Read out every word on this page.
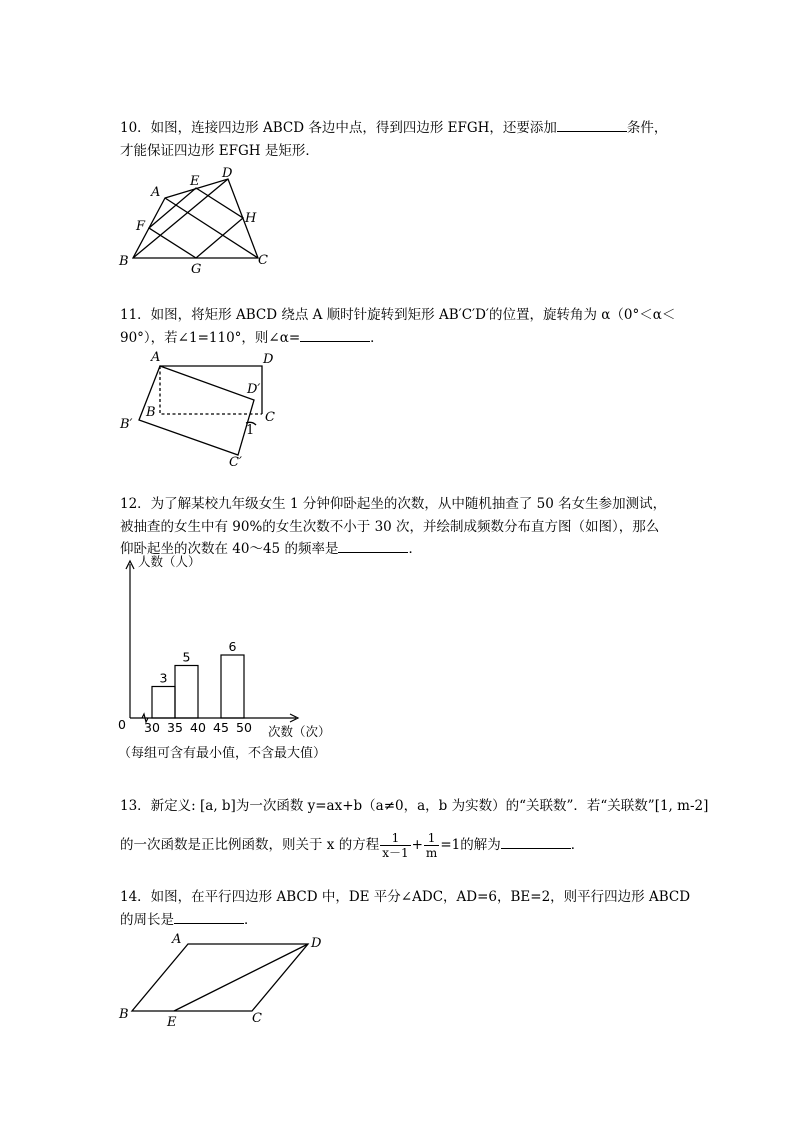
10．如图，连接四边形 ABCD 各边中点，得到四边形 EFGH，还要添加	条件，
才能保证四边形 EFGH 是矩形．
A
E
D
F
H
B
G
C
11．如图，将矩形 ABCD 绕点 A 顺时针旋转到矩形 AB′C′D′的位置，旋转角为 α（0°＜α＜
90°），若∠1=110°，则∠α=	．
A	D
D′
B	C
B′	1
C′
12．为了解某校九年级女生 1 分钟仰卧起坐的次数，从中随机抽查了 50 名女生参加测试，
被抽查的女生中有 90%的女生次数不小于 30 次，并绘制成频数分布直方图（如图），那么
仰卧起坐的次数在 40～45 的频率是	．
3
5
6
30 35 40 45 50
人数（人）
0	次数（次）
（每组可含有最小值，不含最大值）
13．新定义: [a, b]为一次函数 y=ax+b（a≠0，a，b 为实数）的“关联数”．若“关联数”[1, m-2]
的一次函数是正比例函数，则关于 x 的方程 $\frac{1}{x-1} + \frac{1}{m} =1$的解为	．
14．如图，在平行四边形 ABCD 中，DE 平分∠ADC，AD=6，BE=2，则平行四边形 ABCD
的周长是	．
A	D
B
E	C
